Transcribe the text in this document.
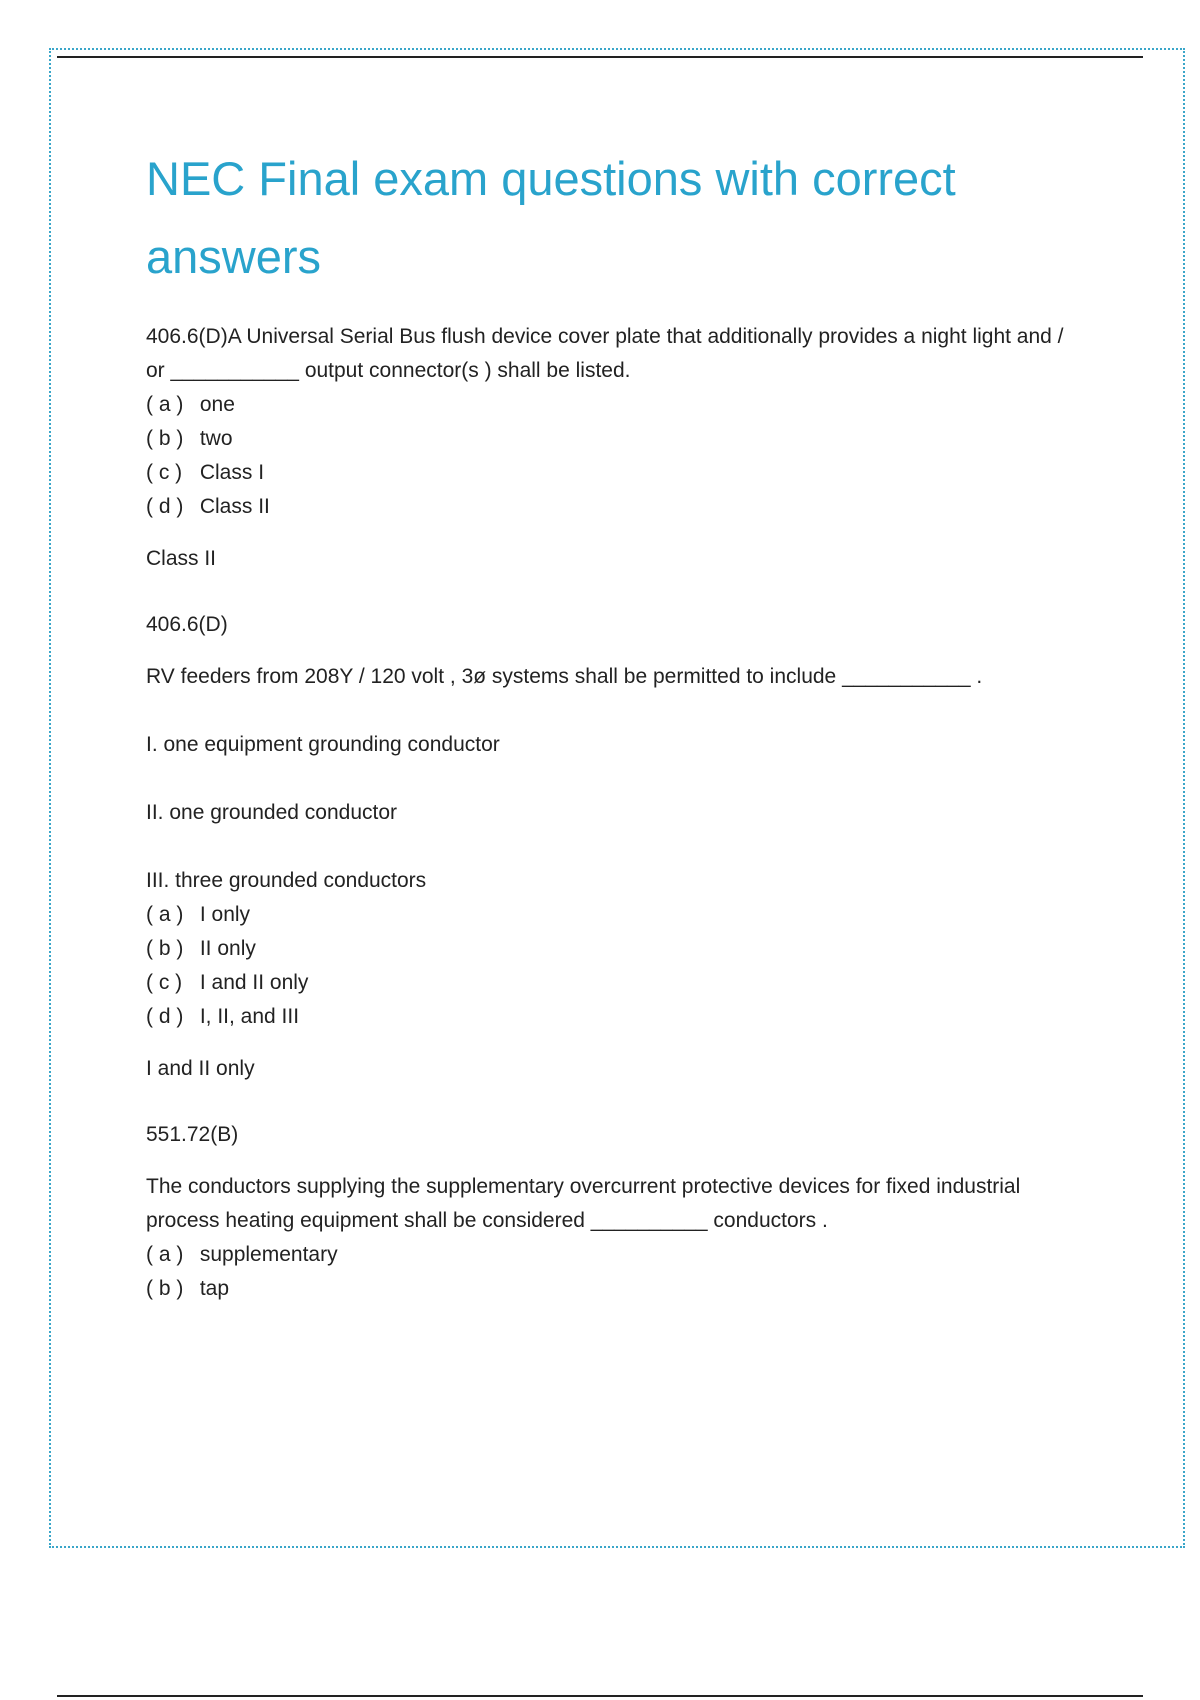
NEC Final exam questions with correct answers

406.6(D)A Universal Serial Bus flush device cover plate that additionally provides a night light and / or ___________ output connector(s ) shall be listed.

( a ) one
( b ) two
( c ) Class I
( d ) Class II

Class II

406.6(D)

RV feeders from 208Y / 120 volt , 3ø systems shall be permitted to include ___________ .

I. one equipment grounding conductor

II. one grounded conductor

III. three grounded conductors

( a ) I only
( b ) II only
( c ) I and II only
( d ) I, II, and III

I and II only

551.72(B)

The conductors supplying the supplementary overcurrent protective devices for fixed industrial process heating equipment shall be considered __________ conductors .

( a ) supplementary
( b ) tap
